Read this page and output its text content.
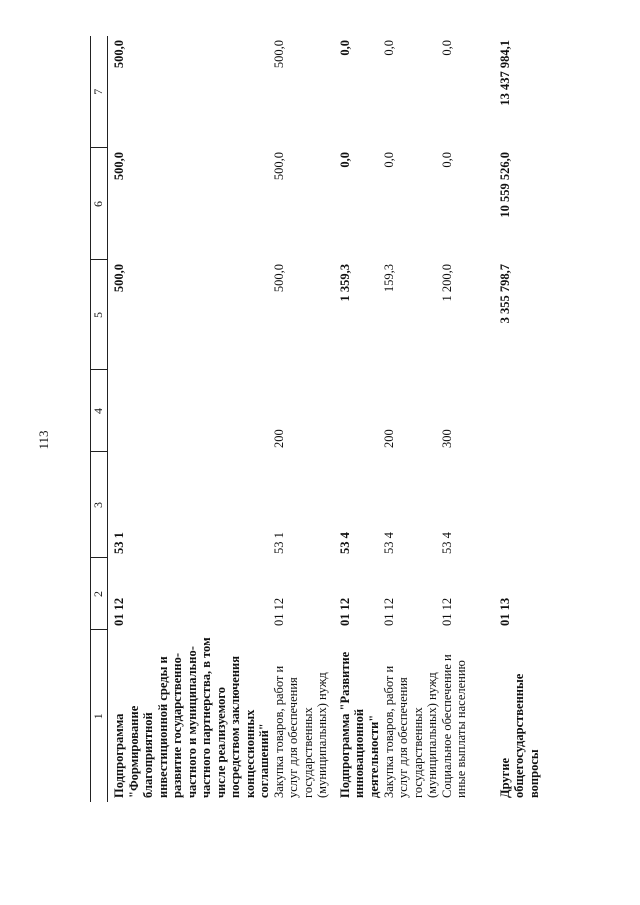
113
1	2	3	4	5	6	7
Подпрограмма "Формирование благоприятной инвестиционной среды и развитие государственно-частного и муниципально-частного партнерства, в том числе реализуемого посредством заключения концессионных соглашений"	01 12	53 1		500,0	500,0	500,0
Закупка товаров, работ и услуг для обеспечения государственных (муниципальных) нужд	01 12	53 1	200	500,0	500,0	500,0
Подпрограмма "Развитие инновационной деятельности"	01 12	53 4		1 359,3	0,0	0,0
Закупка товаров, работ и услуг для обеспечения государственных (муниципальных) нужд	01 12	53 4	200	159,3	0,0	0,0
Социальное обеспечение и иные выплаты населению	01 12	53 4	300	1 200,0	0,0	0,0
Другие общегосударственные вопросы	01 13			3 355 798,7	10 559 526,0	13 437 984,1
